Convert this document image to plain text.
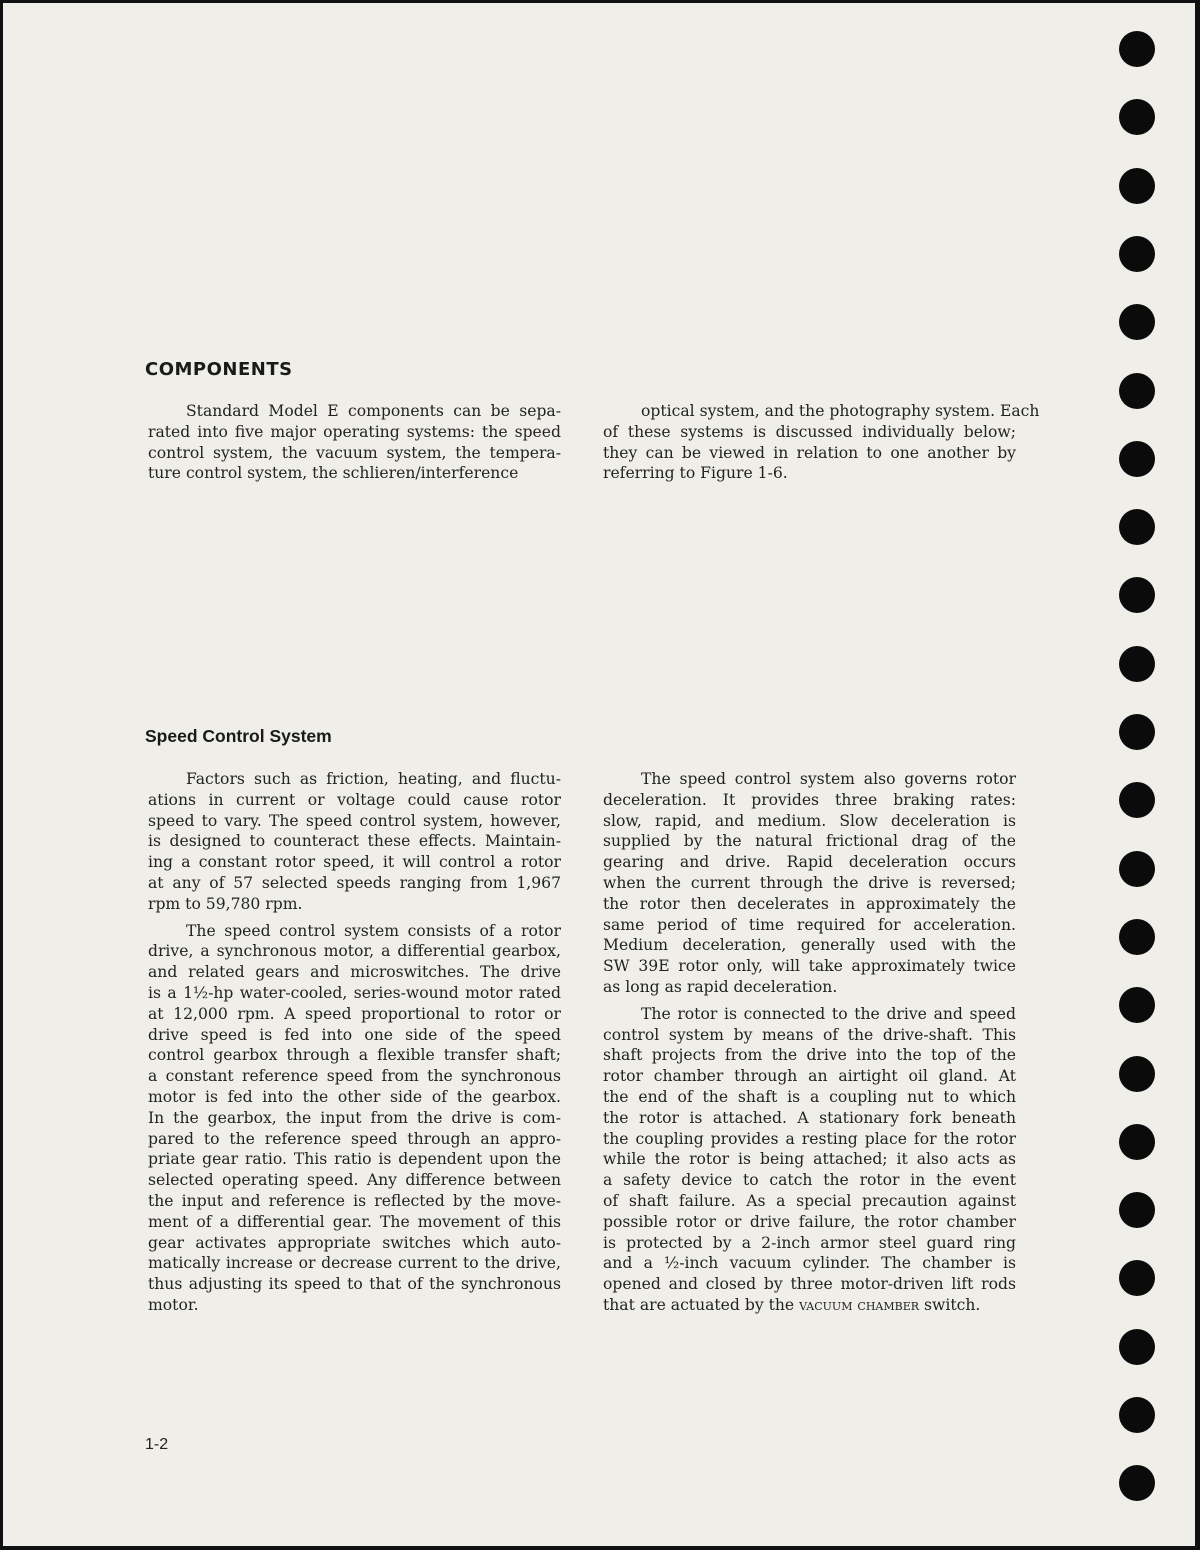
COMPONENTS
Standard Model E components can be sepa-
rated into five major operating systems: the speed
control system, the vacuum system, the tempera-
ture control system, the schlieren/interference
optical system, and the photography system. Each
of these systems is discussed individually below;
they can be viewed in relation to one another by
referring to Figure 1-6.
Speed Control System
Factors such as friction, heating, and fluctu-
ations in current or voltage could cause rotor
speed to vary. The speed control system, however,
is designed to counteract these effects. Maintain-
ing a constant rotor speed, it will control a rotor
at any of 57 selected speeds ranging from 1,967
rpm to 59,780 rpm.
The speed control system consists of a rotor
drive, a synchronous motor, a differential gearbox,
and related gears and microswitches. The drive
is a 1½-hp water-cooled, series-wound motor rated
at 12,000 rpm. A speed proportional to rotor or
drive speed is fed into one side of the speed
control gearbox through a flexible transfer shaft;
a constant reference speed from the synchronous
motor is fed into the other side of the gearbox.
In the gearbox, the input from the drive is com-
pared to the reference speed through an appro-
priate gear ratio. This ratio is dependent upon the
selected operating speed. Any difference between
the input and reference is reflected by the move-
ment of a differential gear. The movement of this
gear activates appropriate switches which auto-
matically increase or decrease current to the drive,
thus adjusting its speed to that of the synchronous
motor.
The speed control system also governs rotor
deceleration. It provides three braking rates:
slow, rapid, and medium. Slow deceleration is
supplied by the natural frictional drag of the
gearing and drive. Rapid deceleration occurs
when the current through the drive is reversed;
the rotor then decelerates in approximately the
same period of time required for acceleration.
Medium deceleration, generally used with the
SW 39E rotor only, will take approximately twice
as long as rapid deceleration.
The rotor is connected to the drive and speed
control system by means of the drive-shaft. This
shaft projects from the drive into the top of the
rotor chamber through an airtight oil gland. At
the end of the shaft is a coupling nut to which
the rotor is attached. A stationary fork beneath
the coupling provides a resting place for the rotor
while the rotor is being attached; it also acts as
a safety device to catch the rotor in the event
of shaft failure. As a special precaution against
possible rotor or drive failure, the rotor chamber
is protected by a 2-inch armor steel guard ring
and a ½-inch vacuum cylinder. The chamber is
opened and closed by three motor-driven lift rods
that are actuated by the vacuum chamber switch.
1-2
